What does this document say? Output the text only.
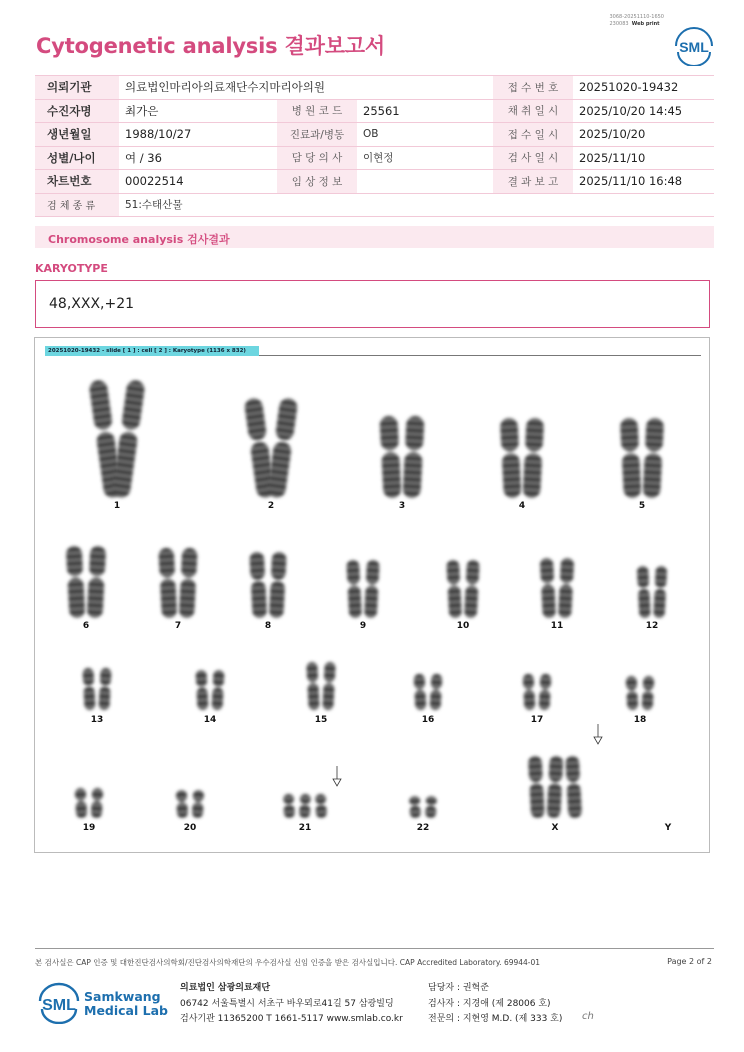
3068-20251110-1650
230083 Web print
Cytogenetic analysis 결과보고서	SML
의뢰기관	의료법인마리아의료재단수지마리아의원			접 수 번 호	20251020-19432
수진자명	최가은	병 원 코 드	25561	채 취 일 시	2025/10/20 14:45
생년월일	1988/10/27	진료과/병동	OB	접 수 일 시	2025/10/20
성별/나이	여 / 36	담 당 의 사	이현정	검 사 일 시	2025/11/10
차트번호	00022514	임 상 정 보		결 과 보 고	2025/11/10 16:48
검 체 종 류	51:수태산물				
Chromosome analysis 검사결과
KARYOTYPE
48,XXX,+21
20251020-19432 - slide [ 1 ] : cell [ 2 ] : Karyotype (1136 x 832)
1	2	3	4	5
6	7	8	9	10	11	12
13	14	15	16	17	18
19	20	21	22	X	Y
본 검사실은 CAP 인증 및 대한진단검사의학회/진단검사의학재단의 우수검사실 신임 인증을 받은 검사실입니다. CAP Accredited Laboratory. 69944-01	Page 2 of 2
SML
Samkwang
Medical Lab
의료법인 삼광의료재단
06742 서울특별시 서초구 바우뫼로41길 57 삼광빌딩
검사기관 11365200 T 1661-5117 www.smlab.co.kr
담당자 : 권혁준
검사자 : 지경애 (제 28006 호)
전문의 : 지현영 M.D. (제 333 호) ch
